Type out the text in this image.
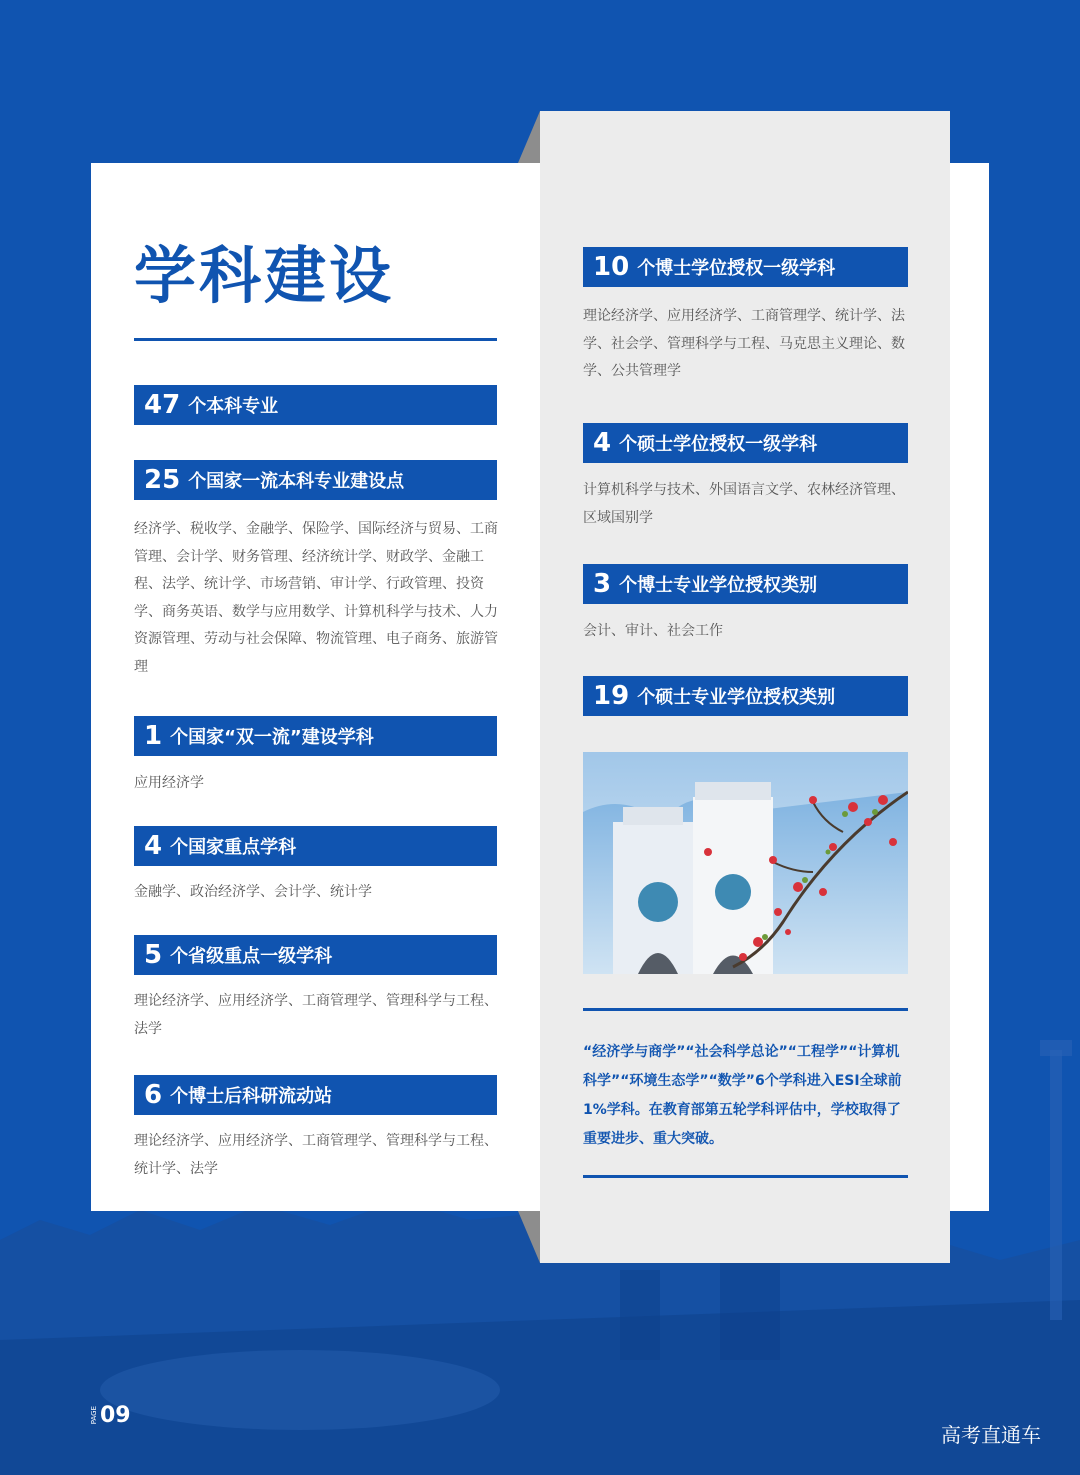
学科建设
47 个本科专业
25 个国家一流本科专业建设点

经济学、税收学、金融学、保险学、国际经济与贸易、工商管理、会计学、财务管理、经济统计学、财政学、金融工程、法学、统计学、市场营销、审计学、行政管理、投资学、商务英语、数学与应用数学、计算机科学与技术、人力资源管理、劳动与社会保障、物流管理、电子商务、旅游管理

1 个国家“双一流”建设学科

应用经济学

4 个国家重点学科

金融学、政治经济学、会计学、统计学

5 个省级重点一级学科

理论经济学、应用经济学、工商管理学、管理科学与工程、法学

6 个博士后科研流动站

理论经济学、应用经济学、工商管理学、管理科学与工程、统计学、法学

10 个博士学位授权一级学科

理论经济学、应用经济学、工商管理学、统计学、法学、社会学、管理科学与工程、马克思主义理论、数学、公共管理学

4 个硕士学位授权一级学科

计算机科学与技术、外国语言文学、农林经济管理、区域国别学

3 个博士专业学位授权类别

会计、审计、社会工作

19 个硕士专业学位授权类别

“经济学与商学”“社会科学总论”“工程学”“计算机科学”“环境生态学”“数学”6个学科进入ESI全球前1%学科。在教育部第五轮学科评估中，学校取得了重要进步、重大突破。

PAGE 09
高考直通车
